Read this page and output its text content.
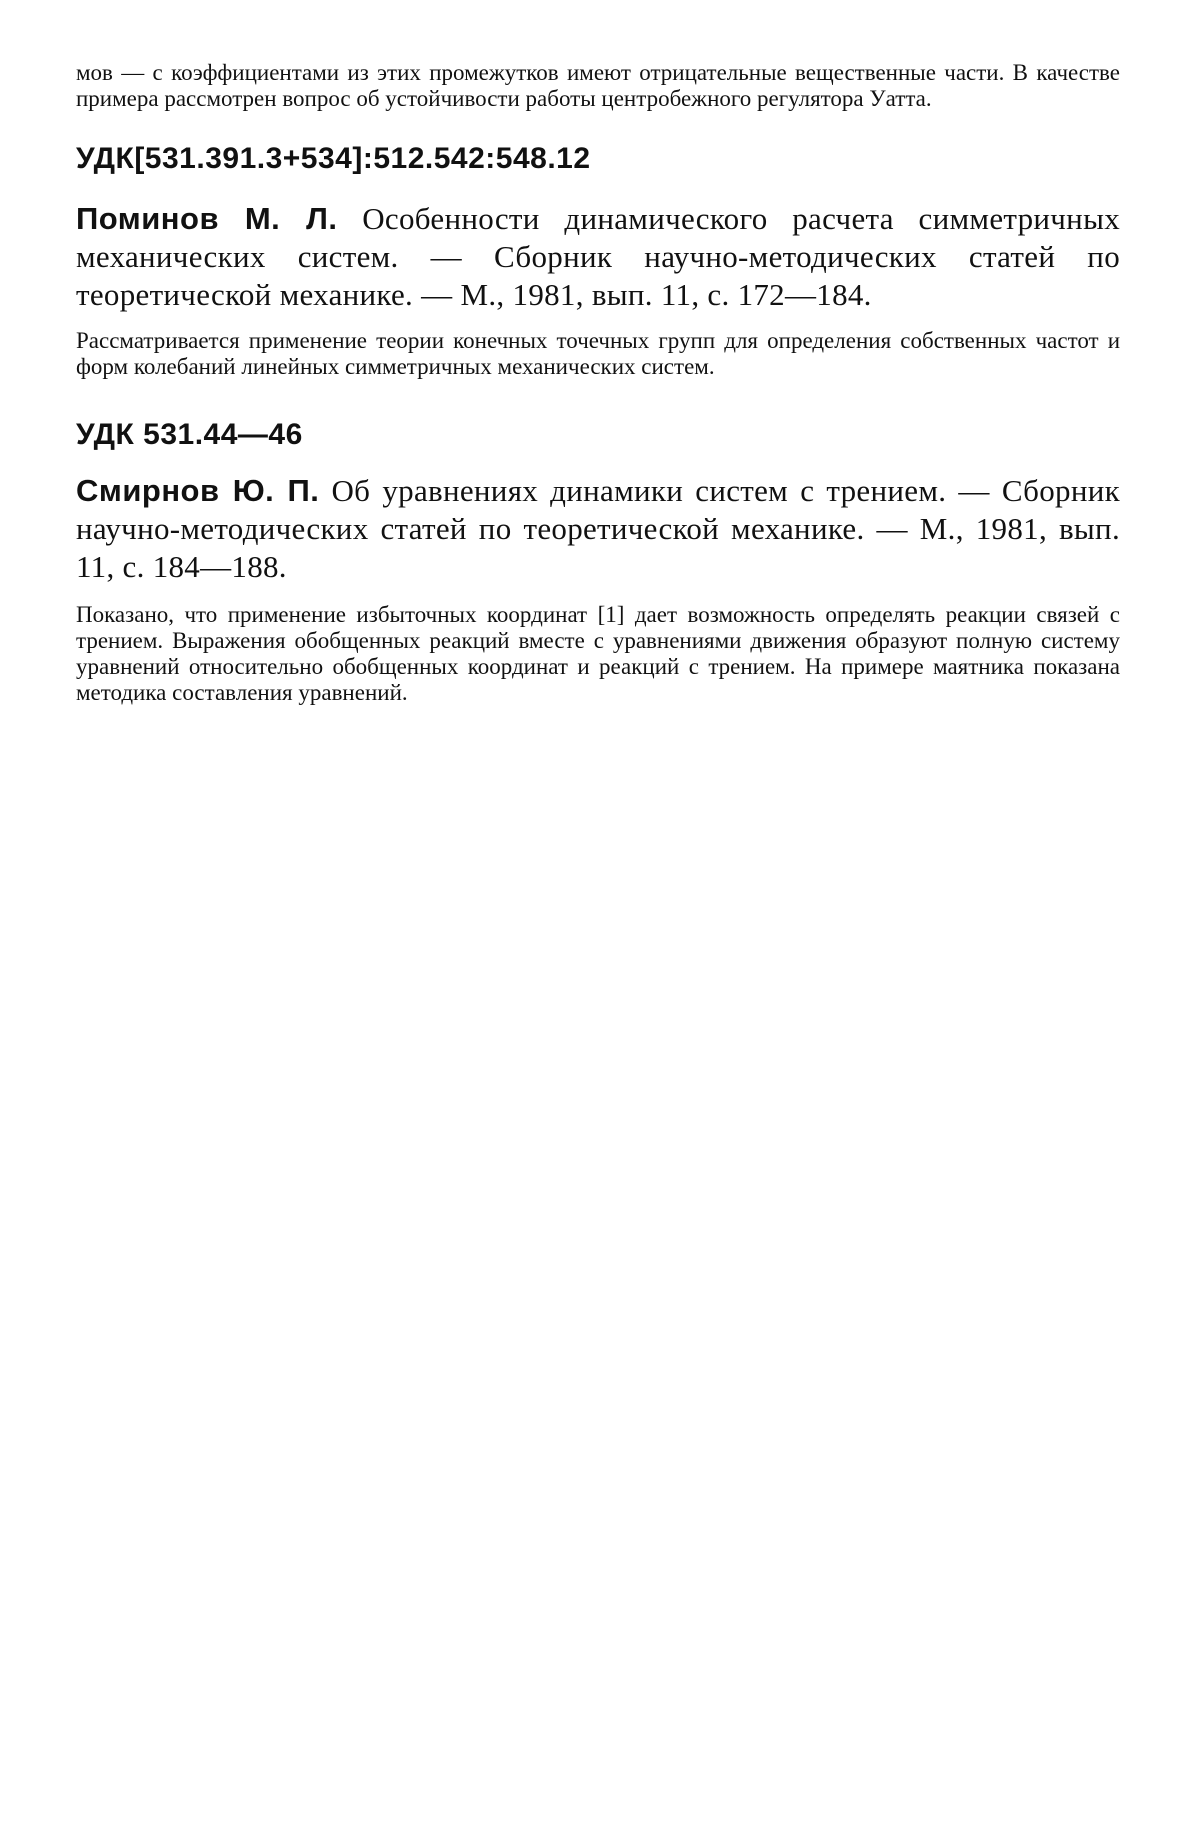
мов — с коэффициентами из этих промежутков имеют отрицательные вещественные части. В качестве примера рассмотрен вопрос об устойчивости работы центробежного регулятора Уатта.

УДК[531.391.3+534]:512.542:548.12

Поминов М. Л. Особенности динамического расчета симметричных механических систем. — Сборник научно-методических статей по теоретической механике. — М., 1981, вып. 11, с. 172—184.

Рассматривается применение теории конечных точечных групп для определения собственных частот и форм колебаний линейных симметричных механических систем.

УДК 531.44—46

Смирнов Ю. П. Об уравнениях динамики систем с трением. — Сборник научно-методических статей по теоретической механике. — М., 1981, вып. 11, с. 184—188.

Показано, что применение избыточных координат [1] дает возможность определять реакции связей с трением. Выражения обобщенных реакций вместе с уравнениями движения образуют полную систему уравнений относительно обобщенных координат и реакций с трением. На примере маятника показана методика составления уравнений.
